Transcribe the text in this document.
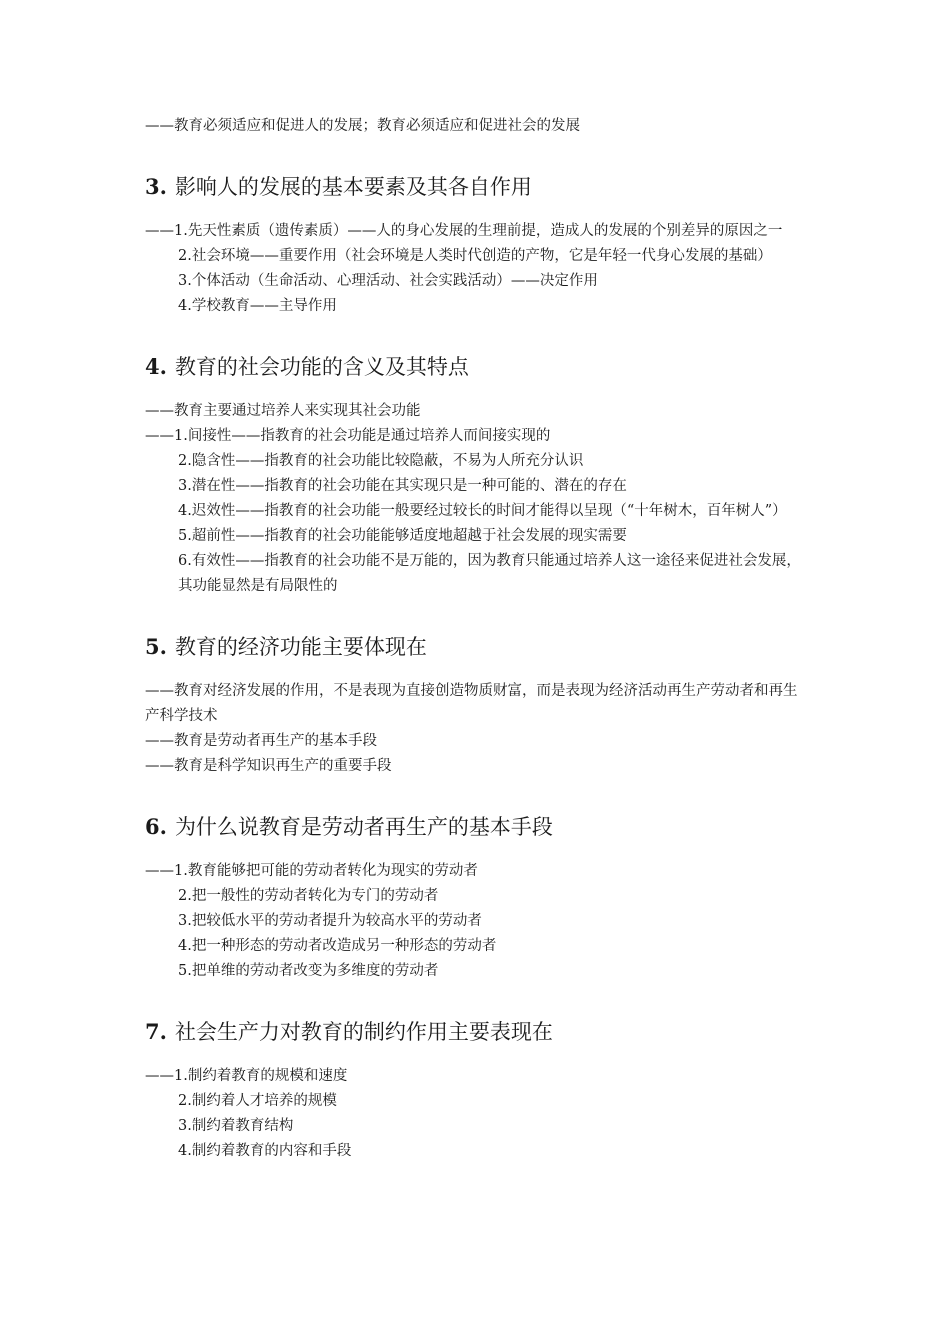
——教育必须适应和促进人的发展；教育必须适应和促进社会的发展
3. 影响人的发展的基本要素及其各自作用
——1.先天性素质（遗传素质）——人的身心发展的生理前提，造成人的发展的个别差异的原因之一
2.社会环境——重要作用（社会环境是人类时代创造的产物，它是年轻一代身心发展的基础）
3.个体活动（生命活动、心理活动、社会实践活动）——决定作用
4.学校教育——主导作用
4. 教育的社会功能的含义及其特点
——教育主要通过培养人来实现其社会功能
——1.间接性——指教育的社会功能是通过培养人而间接实现的
2.隐含性——指教育的社会功能比较隐蔽，不易为人所充分认识
3.潜在性——指教育的社会功能在其实现只是一种可能的、潜在的存在
4.迟效性——指教育的社会功能一般要经过较长的时间才能得以呈现（“十年树木，百年树人”）
5.超前性——指教育的社会功能能够适度地超越于社会发展的现实需要
6.有效性——指教育的社会功能不是万能的，因为教育只能通过培养人这一途径来促进社会发展，其功能显然是有局限性的
5. 教育的经济功能主要体现在
——教育对经济发展的作用，不是表现为直接创造物质财富，而是表现为经济活动再生产劳动者和再生产科学技术
——教育是劳动者再生产的基本手段
——教育是科学知识再生产的重要手段
6. 为什么说教育是劳动者再生产的基本手段
——1.教育能够把可能的劳动者转化为现实的劳动者
2.把一般性的劳动者转化为专门的劳动者
3.把较低水平的劳动者提升为较高水平的劳动者
4.把一种形态的劳动者改造成另一种形态的劳动者
5.把单维的劳动者改变为多维度的劳动者
7. 社会生产力对教育的制约作用主要表现在
——1.制约着教育的规模和速度
2.制约着人才培养的规模
3.制约着教育结构
4.制约着教育的内容和手段
